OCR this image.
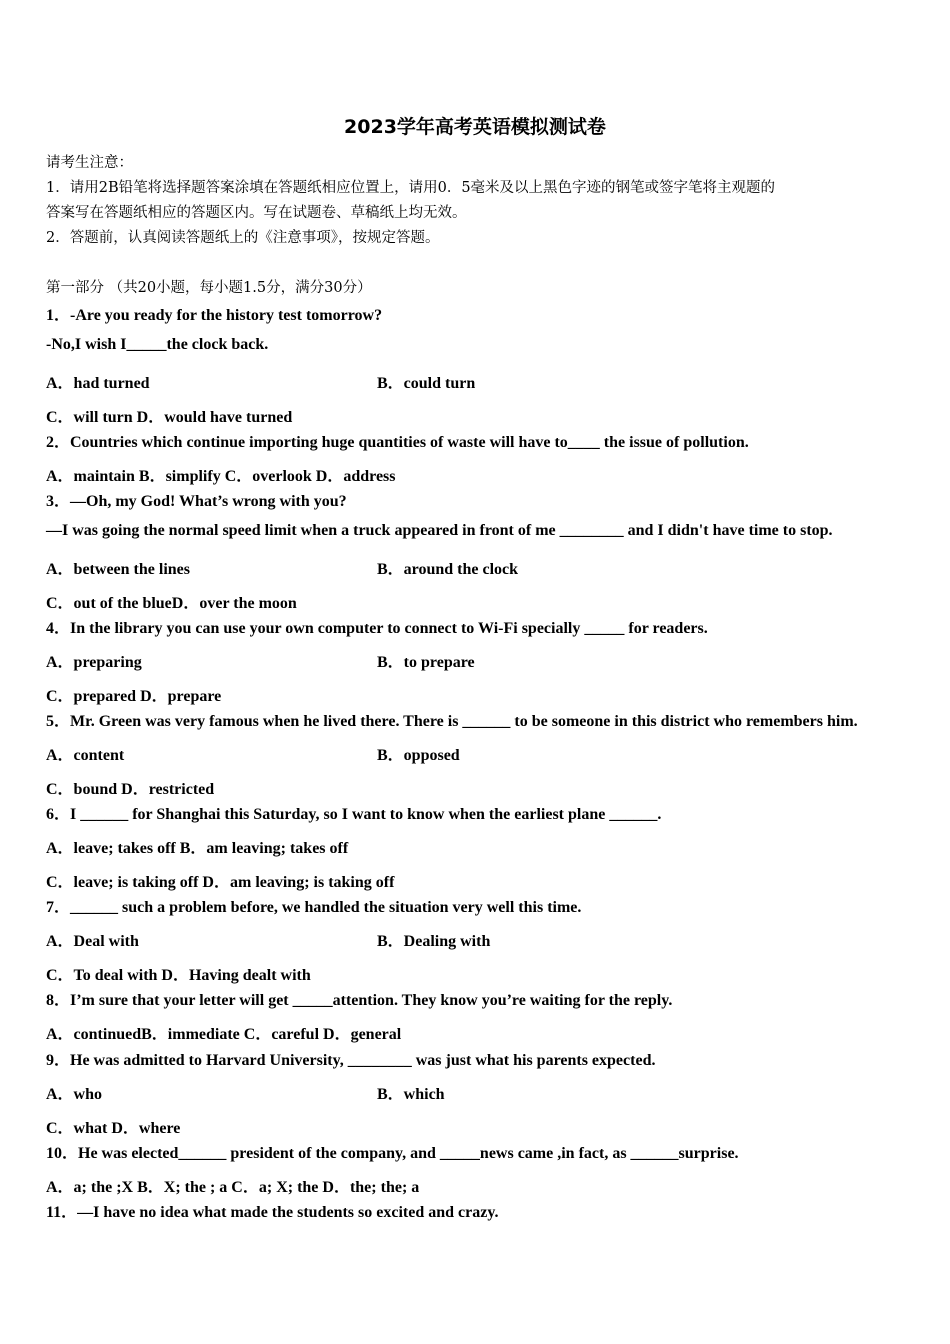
2023学年高考英语模拟测试卷
请考生注意：
1．请用2B铅笔将选择题答案涂填在答题纸相应位置上，请用0．5毫米及以上黑色字迹的钢笔或签字笔将主观题的
答案写在答题纸相应的答题区内。写在试题卷、草稿纸上均无效。
2．答题前，认真阅读答题纸上的《注意事项》，按规定答题。
第一部分 （共20小题，每小题1.5分，满分30分）
1．-Are you ready for the history test tomorrow?
-No,I wish I_____the clock back.
A．had turned	B．could turn
C．will turn D．would have turned
2．Countries which continue importing huge quantities of waste will have to____ the issue of pollution.
A．maintain B．simplify C．overlook D．address
3．—Oh, my God! What’s wrong with you?
—I was going the normal speed limit when a truck appeared in front of me ________ and I didn't have time to stop.
A．between the lines	B．around the clock
C．out of the blueD．over the moon
4．In the library you can use your own computer to connect to Wi-Fi specially _____ for readers.
A．preparing	B．to prepare
C．prepared D．prepare
5．Mr. Green was very famous when he lived there. There is ______ to be someone in this district who remembers him.
A．content	B．opposed
C．bound D．restricted
6．I ______ for Shanghai this Saturday, so I want to know when the earliest plane ______.
A．leave; takes off B．am leaving; takes off
C．leave; is taking off D．am leaving; is taking off
7．______ such a problem before, we handled the situation very well this time.
A．Deal with	B．Dealing with
C．To deal with D．Having dealt with
8．I’m sure that your letter will get _____attention. They know you’re waiting for the reply.
A．continuedB．immediate C．careful D．general
9．He was admitted to Harvard University, ________ was just what his parents expected.
A．who	B．which
C．what D．where
10．He was elected______ president of the company, and _____news came ,in fact, as ______surprise.
A．a; the ;X B．X; the ; a C．a; X; the D．the; the; a
11．—I have no idea what made the students so excited and crazy.
